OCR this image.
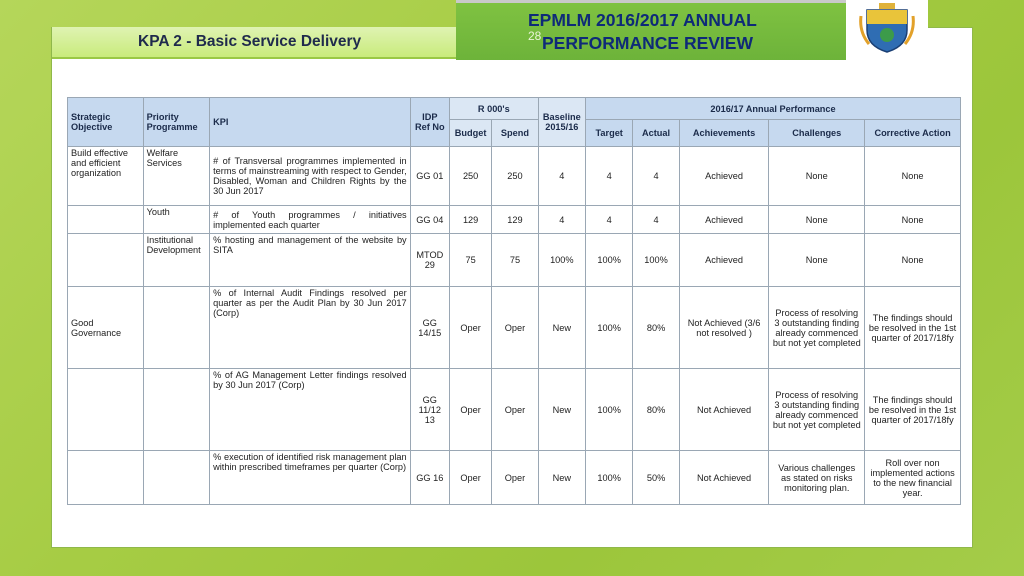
KPA 2 - Basic Service Delivery
EPMLM 2016/2017 ANNUAL
PERFORMANCE REVIEW
28
Strategic Objective	Priority Programme	KPI	IDP Ref No	R 000's		Baseline 2015/16	2016/17 Annual Performance				
				Budget	Spend		Target	Actual	Achievements	Challenges	Corrective Action
Build effective and efficient organization	Welfare Services	# of Transversal programmes implemented in terms of mainstreaming with respect to Gender, Disabled, Woman and Children Rights by the 30 Jun 2017	GG 01	250	250	4	4	4	Achieved	None	None
	Youth	# of Youth programmes / initiatives implemented each quarter	GG 04	129	129	4	4	4	Achieved	None	None
	Institutional Development	% hosting and management of the website by SITA	MTOD 29	75	75	100%	100%	100%	Achieved	None	None
Good Governance		% of Internal Audit Findings resolved per quarter as per the Audit Plan by 30 Jun 2017 (Corp)	GG 14/15	Oper	Oper	New	100%	80%	Not Achieved (3/6 not resolved )	Process of resolving 3 outstanding finding already commenced but not yet completed	The findings should be resolved in the 1st quarter of 2017/18fy
		% of AG Management Letter findings resolved by 30 Jun 2017 (Corp)	GG 11/12 13	Oper	Oper	New	100%	80%	Not Achieved	Process of resolving 3 outstanding finding already commenced but not yet completed	The findings should be resolved in the 1st quarter of 2017/18fy
		% execution of identified risk management plan within prescribed timeframes per quarter (Corp)	GG 16	Oper	Oper	New	100%	50%	Not Achieved	Various challenges as stated on risks monitoring plan.	Roll over non implemented actions to the new financial year.
